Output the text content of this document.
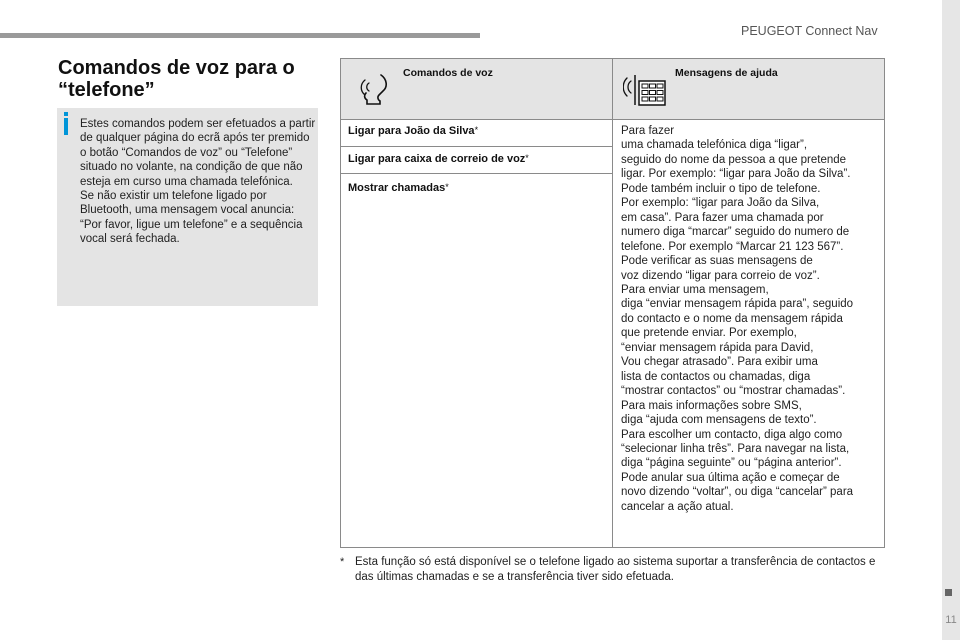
PEUGEOT Connect Nav
11
Comandos de voz para o “telefone”
Estes comandos podem ser efetuados a partir de qualquer página do ecrã após ter premido o botão “Comandos de voz” ou “Telefone” situado no volante, na condição de que não esteja em curso uma chamada telefónica.
Se não existir um telefone ligado por Bluetooth, uma mensagem vocal anuncia: “Por favor, ligue um telefone” e a sequência vocal será fechada.
Comandos de voz	Mensagens de ajuda
Ligar para João da Silva*
Ligar para caixa de correio de voz*
Mostrar chamadas*
Para fazer
uma chamada telefónica diga “ligar”,
seguido do nome da pessoa a que pretende
ligar. Por exemplo: “ligar para João da Silva”.
Pode também incluir o tipo de telefone.
Por exemplo: “ligar para João da Silva,
em casa”. Para fazer uma chamada por
numero diga “marcar” seguido do numero de
telefone. Por exemplo “Marcar 21 123 567”.
Pode verificar as suas mensagens de
voz dizendo “ligar para correio de voz”.
Para enviar uma mensagem,
diga “enviar mensagem rápida para”, seguido
do contacto e o nome da mensagem rápida
que pretende enviar. Por exemplo,
“enviar mensagem rápida para David,
Vou chegar atrasado”. Para exibir uma
lista de contactos ou chamadas, diga
“mostrar contactos” ou “mostrar chamadas”.
Para mais informações sobre SMS,
diga “ajuda com mensagens de texto”.
Para escolher um contacto, diga algo como
“selecionar linha três”. Para navegar na lista,
diga “página seguinte” ou “página anterior”.
Pode anular sua última ação e começar de
novo dizendo “voltar”, ou diga “cancelar” para
cancelar a ação atual.
* Esta função só está disponível se o telefone ligado ao sistema suportar a transferência de contactos e das últimas chamadas e se a transferência tiver sido efetuada.
